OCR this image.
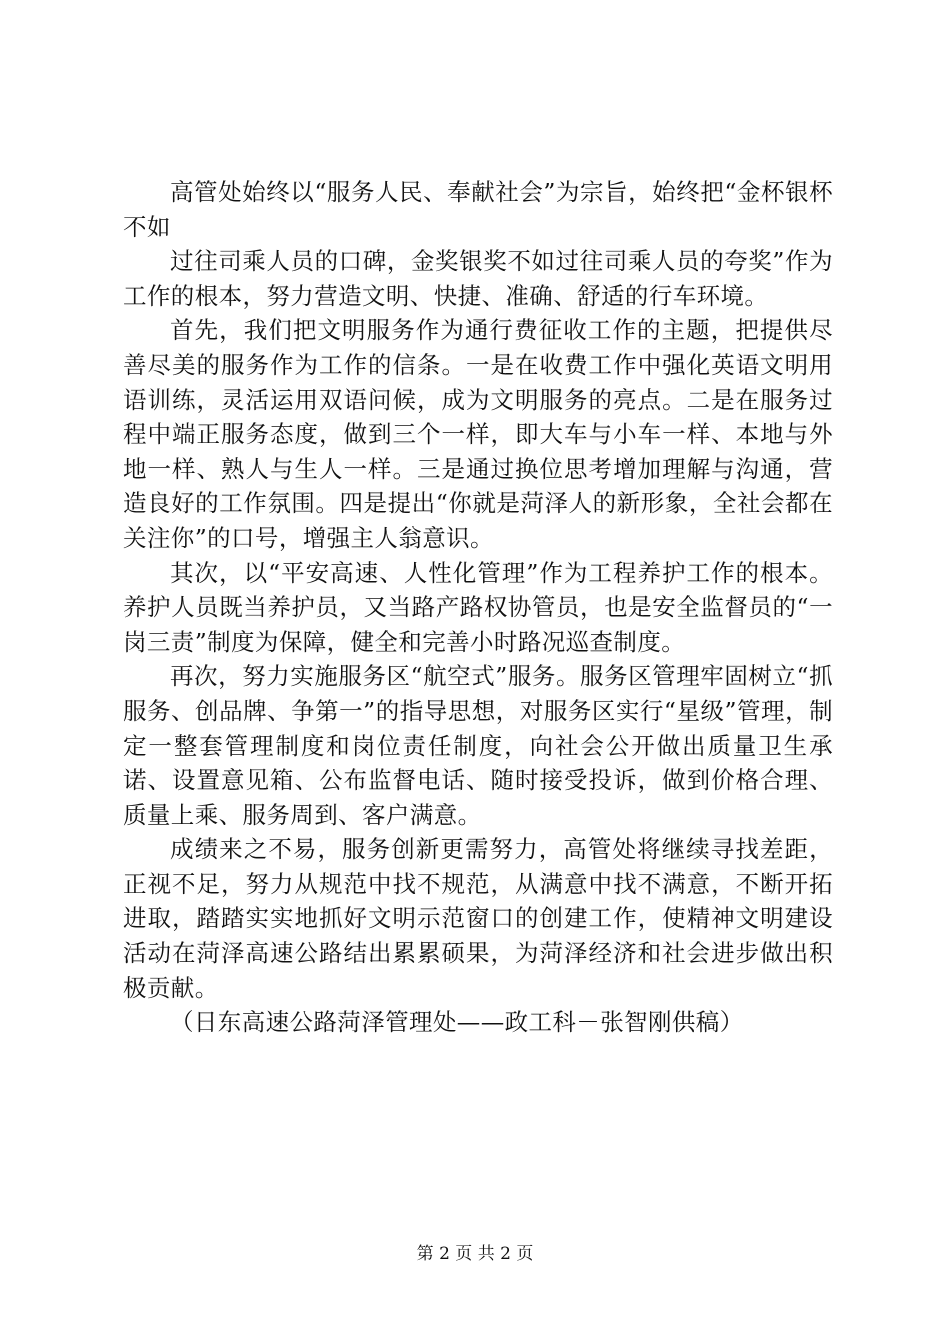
高管处始终以“服务人民、奉献社会”为宗旨，始终把“金杯银杯不如

过往司乘人员的口碑，金奖银奖不如过往司乘人员的夸奖”作为工作的根本，努力营造文明、快捷、准确、舒适的行车环境。

首先，我们把文明服务作为通行费征收工作的主题，把提供尽善尽美的服务作为工作的信条。一是在收费工作中强化英语文明用语训练，灵活运用双语问候，成为文明服务的亮点。二是在服务过程中端正服务态度，做到三个一样，即大车与小车一样、本地与外地一样、熟人与生人一样。三是通过换位思考增加理解与沟通，营造良好的工作氛围。四是提出“你就是菏泽人的新形象，全社会都在关注你”的口号，增强主人翁意识。

其次，以“平安高速、人性化管理”作为工程养护工作的根本。养护人员既当养护员，又当路产路权协管员，也是安全监督员的“一岗三责”制度为保障，健全和完善小时路况巡查制度。

再次，努力实施服务区“航空式”服务。服务区管理牢固树立“抓服务、创品牌、争第一”的指导思想，对服务区实行“星级”管理，制定一整套管理制度和岗位责任制度，向社会公开做出质量卫生承诺、设置意见箱、公布监督电话、随时接受投诉，做到价格合理、质量上乘、服务周到、客户满意。

成绩来之不易，服务创新更需努力，高管处将继续寻找差距，正视不足，努力从规范中找不规范，从满意中找不满意，不断开拓进取，踏踏实实地抓好文明示范窗口的创建工作，使精神文明建设活动在菏泽高速公路结出累累硕果，为菏泽经济和社会进步做出积极贡献。

（日东高速公路菏泽管理处——政工科－张智刚供稿）

第 2 页 共 2 页
